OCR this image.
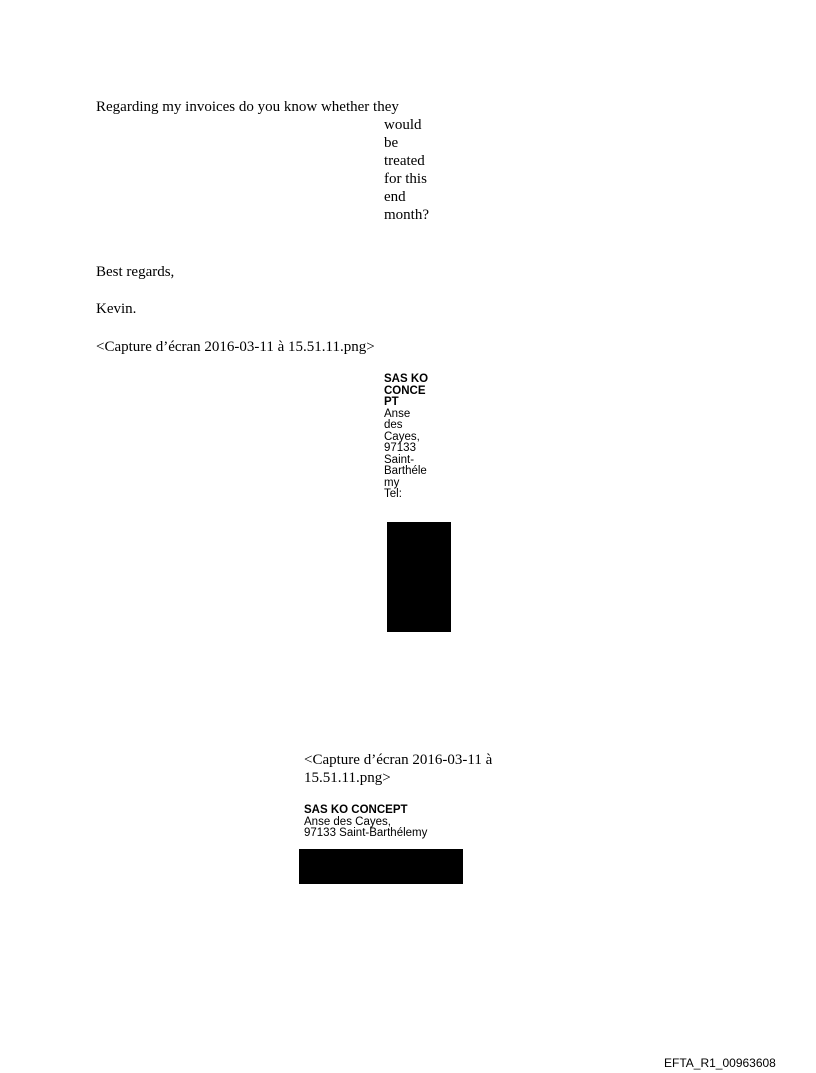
Regarding my invoices do you know whether they
would
be
treated
for this
end
month?
Best regards,
Kevin.
<Capture d’écran 2016-03-11 à 15.51.11.png>
SAS KO
CONCE
PT
Anse
des
Cayes,
97133
Saint-
Barthéle
my
Tel:
<Capture d’écran 2016-03-11 à
15.51.11.png>
SAS KO CONCEPT
Anse des Cayes,
97133 Saint-Barthélemy
EFTA_R1_00963608
